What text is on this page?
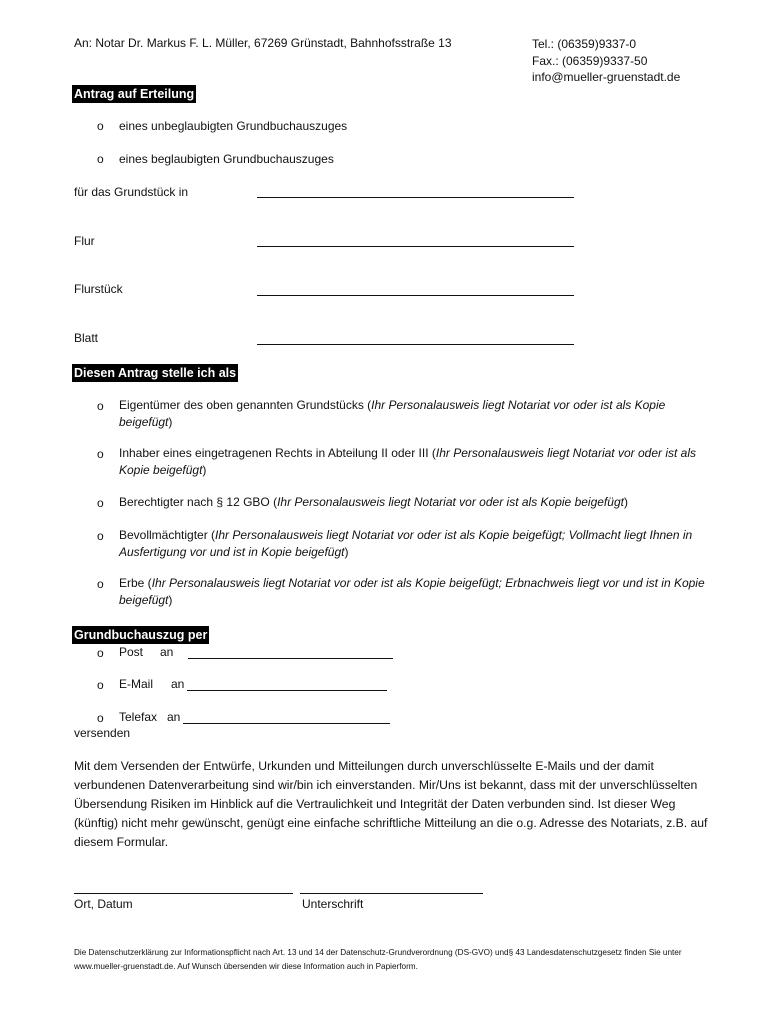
An: Notar Dr. Markus F. L. Müller, 67269 Grünstadt, Bahnhofsstraße 13	Tel.: (06359)9337-0
Fax.: (06359)9337-50
info@mueller-gruenstadt.de
Antrag auf Erteilung
o eines unbeglaubigten Grundbuchauszuges
o eines beglaubigten Grundbuchauszuges
für das Grundstück in
Flur
Flurstück
Blatt
Diesen Antrag stelle ich als
o Eigentümer des oben genannten Grundstücks (Ihr Personalausweis liegt Notariat vor oder ist als Kopie beigefügt)
o Inhaber eines eingetragenen Rechts in Abteilung II oder III (Ihr Personalausweis liegt Notariat vor oder ist als Kopie beigefügt)
o Berechtigter nach § 12 GBO (Ihr Personalausweis liegt Notariat vor oder ist als Kopie beigefügt)
o Bevollmächtigter (Ihr Personalausweis liegt Notariat vor oder ist als Kopie beigefügt; Vollmacht liegt Ihnen in Ausfertigung vor und ist in Kopie beigefügt)
o Erbe (Ihr Personalausweis liegt Notariat vor oder ist als Kopie beigefügt; Erbnachweis liegt vor und ist in Kopie beigefügt)
Grundbuchauszug per
o Post an
o E-Mail an
o Telefax an
versenden
Mit dem Versenden der Entwürfe, Urkunden und Mitteilungen durch unverschlüsselte E-Mails und der damit verbundenen Datenverarbeitung sind wir/bin ich einverstanden. Mir/Uns ist bekannt, dass mit der unverschlüsselten Übersendung Risiken im Hinblick auf die Vertraulichkeit und Integrität der Daten verbunden sind. Ist dieser Weg (künftig) nicht mehr gewünscht, genügt eine einfache schriftliche Mitteilung an die o.g. Adresse des Notariats, z.B. auf diesem Formular.
Ort, Datum	Unterschrift
Die Datenschutzerklärung zur Informationspflicht nach Art. 13 und 14 der Datenschutz-Grundverordnung (DS-GVO) und§ 43 Landesdatenschutzgesetz finden Sie unter www.mueller-gruenstadt.de. Auf Wunsch übersenden wir diese Information auch in Papierform.
